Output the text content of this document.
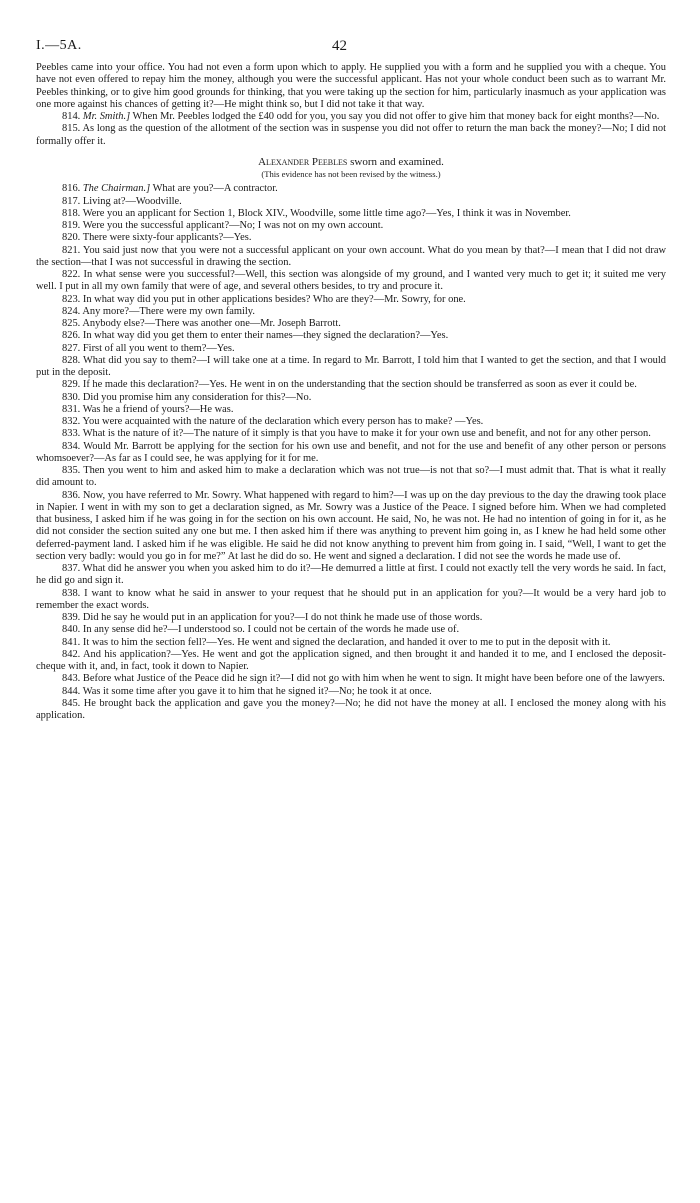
I.—5A.	42

Peebles came into your office. You had not even a form upon which to apply. He supplied you with a form and he supplied you with a cheque. You have not even offered to repay him the money, although you were the successful applicant. Has not your whole conduct been such as to warrant Mr. Peebles thinking, or to give him good grounds for thinking, that you were taking up the section for him, particularly inasmuch as your application was one more against his chances of getting it?—He might think so, but I did not take it that way.

814. Mr. Smith.] When Mr. Peebles lodged the £40 odd for you, you say you did not offer to give him that money back for eight months?—No.

815. As long as the question of the allotment of the section was in suspense you did not offer to return the man back the money?—No; I did not formally offer it.

Alexander Peebles sworn and examined.

(This evidence has not been revised by the witness.)

816. The Chairman.] What are you?—A contractor.

817. Living at?—Woodville.

818. Were you an applicant for Section 1, Block XIV., Woodville, some little time ago?—Yes, I think it was in November.

819. Were you the successful applicant?—No; I was not on my own account.

820. There were sixty-four applicants?—Yes.

821. You said just now that you were not a successful applicant on your own account. What do you mean by that?—I mean that I did not draw the section—that I was not successful in drawing the section.

822. In what sense were you successful?—Well, this section was alongside of my ground, and I wanted very much to get it; it suited me very well. I put in all my own family that were of age, and several others besides, to try and procure it.

823. In what way did you put in other applications besides? Who are they?—Mr. Sowry, for one.

824. Any more?—There were my own family.

825. Anybody else?—There was another one—Mr. Joseph Barrott.

826. In what way did you get them to enter their names—they signed the declaration?—Yes.

827. First of all you went to them?—Yes.

828. What did you say to them?—I will take one at a time. In regard to Mr. Barrott, I told him that I wanted to get the section, and that I would put in the deposit.

829. If he made this declaration?—Yes. He went in on the understanding that the section should be transferred as soon as ever it could be.

830. Did you promise him any consideration for this?—No.

831. Was he a friend of yours?—He was.

832. You were acquainted with the nature of the declaration which every person has to make? —Yes.

833. What is the nature of it?—The nature of it simply is that you have to make it for your own use and benefit, and not for any other person.

834. Would Mr. Barrott be applying for the section for his own use and benefit, and not for the use and benefit of any other person or persons whomsoever?—As far as I could see, he was applying for it for me.

835. Then you went to him and asked him to make a declaration which was not true—is not that so?—I must admit that. That is what it really did amount to.

836. Now, you have referred to Mr. Sowry. What happened with regard to him?—I was up on the day previous to the day the drawing took place in Napier. I went in with my son to get a declaration signed, as Mr. Sowry was a Justice of the Peace. I signed before him. When we had completed that business, I asked him if he was going in for the section on his own account. He said, No, he was not. He had no intention of going in for it, as he did not consider the section suited any one but me. I then asked him if there was anything to prevent him going in, as I knew he had held some other deferred-payment land. I asked him if he was eligible. He said he did not know anything to prevent him from going in. I said, “Well, I want to get the section very badly: would you go in for me?” At last he did do so. He went and signed a declaration. I did not see the words he made use of.

837. What did he answer you when you asked him to do it?—He demurred a little at first. I could not exactly tell the very words he said. In fact, he did go and sign it.

838. I want to know what he said in answer to your request that he should put in an application for you?—It would be a very hard job to remember the exact words.

839. Did he say he would put in an application for you?—I do not think he made use of those words.

840. In any sense did he?—I understood so. I could not be certain of the words he made use of.

841. It was to him the section fell?—Yes. He went and signed the declaration, and handed it over to me to put in the deposit with it.

842. And his application?—Yes. He went and got the application signed, and then brought it and handed it to me, and I enclosed the deposit-cheque with it, and, in fact, took it down to Napier.

843. Before what Justice of the Peace did he sign it?—I did not go with him when he went to sign. It might have been before one of the lawyers.

844. Was it some time after you gave it to him that he signed it?—No; he took it at once.

845. He brought back the application and gave you the money?—No; he did not have the money at all. I enclosed the money along with his application.
